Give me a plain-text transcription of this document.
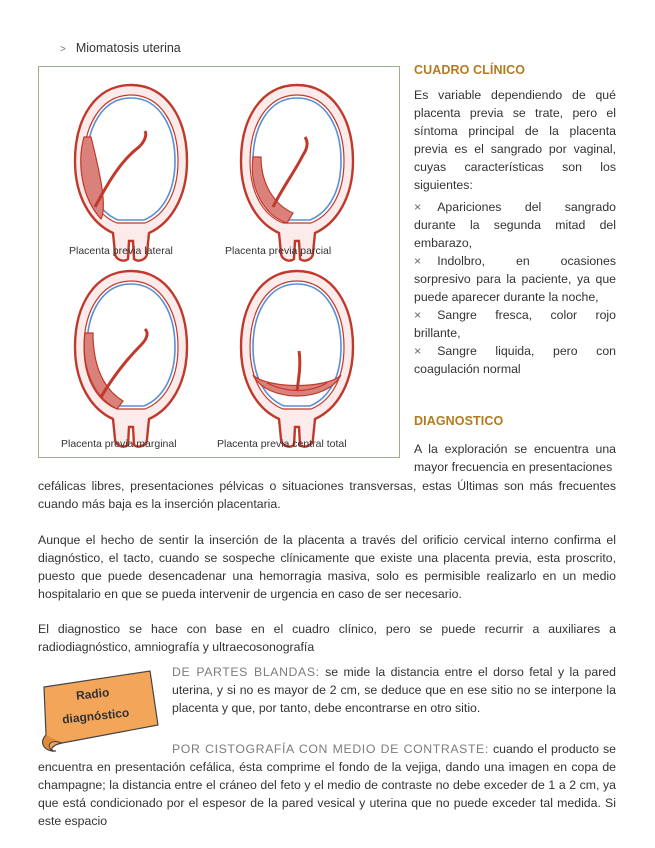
> Miomatosis uterina
Placenta previa lateral	Placenta previa parcial
Placenta previa marginal	Placenta previa central total
CUADRO CLÍNICO

Es variable dependiendo de qué placenta previa se trate, pero el síntoma principal de la placenta previa es el sangrado por vaginal, cuyas características son los siguientes:

× Apariciones del sangrado durante la segunda mitad del embarazo,
× Indolbro, en ocasiones sorpresivo para la paciente, ya que puede aparecer durante la noche,
× Sangre fresca, color rojo brillante,
× Sangre liquida, pero con coagulación normal

DIAGNOSTICO

A la exploración se encuentra una mayor frecuencia en presentaciones

cefálicas libres, presentaciones pélvicas o situaciones transversas, estas Últimas son más frecuentes cuando más baja es la inserción placentaria.

Aunque el hecho de sentir la inserción de la placenta a través del orificio cervical interno confirma el diagnóstico, el tacto, cuando se sospeche clínicamente que existe una placenta previa, esta proscrito, puesto que puede desencadenar una hemorragia masiva, solo es permisible realizarlo en un medio hospitalario en que se pueda intervenir de urgencia en caso de ser necesario.

El diagnostico se hace con base en el cuadro clínico, pero se puede recurrir a auxiliares a radiodiagnóstico, amniografía y ultraecosonografía

Radio
diagnóstico

DE PARTES BLANDAS: se mide la distancia entre el dorso fetal y la pared uterina, y si no es mayor de 2 cm, se deduce que en ese sitio no se interpone la placenta y que, por tanto, debe encontrarse en otro sitio.

POR CISTOGRAFÍA CON MEDIO DE CONTRASTE: cuando el producto se encuentra en presentación cefálica, ésta comprime el fondo de la vejiga, dando una imagen en copa de champagne; la distancia entre el cráneo del feto y el medio de contraste no debe exceder de 1 a 2 cm, ya que está condicionado por el espesor de la pared vesical y uterina que no puede exceder tal medida. Si este espacio
